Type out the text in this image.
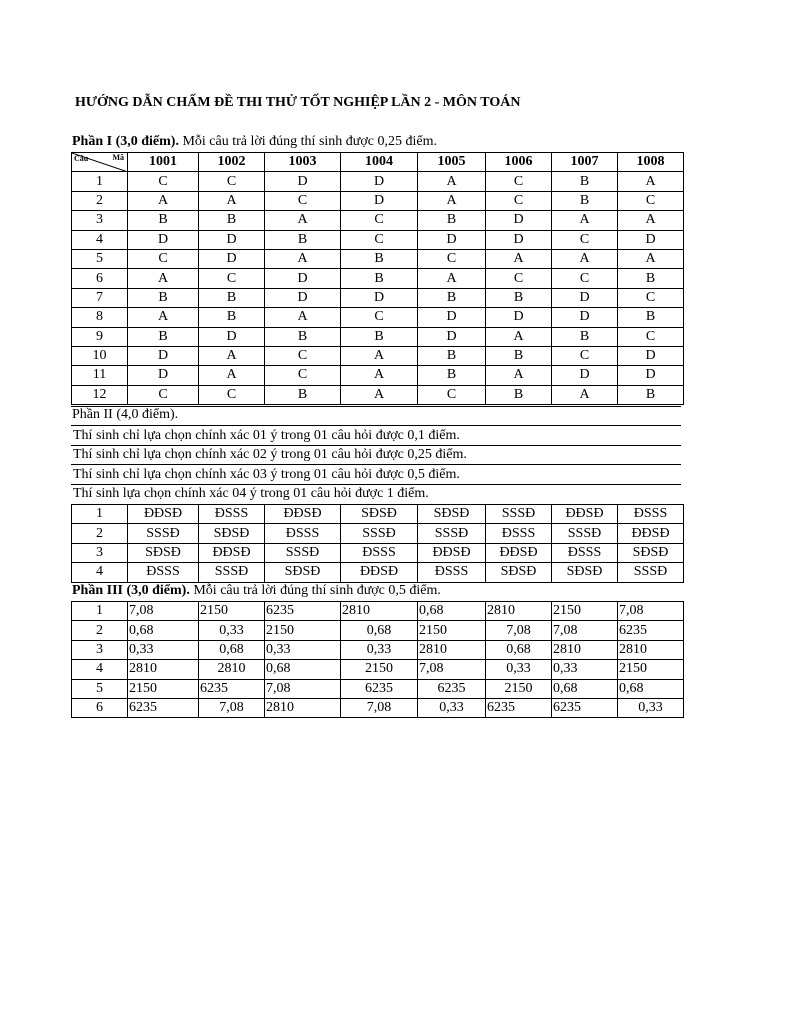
HƯỚNG DẪN CHẤM ĐỀ THI THỬ TỐT NGHIỆP LẦN 2 - MÔN TOÁN
Phần I (3,0 điểm). Mỗi câu trả lời đúng thí sinh được 0,25 điểm.
Câu Mã	1001	1002	1003	1004	1005	1006	1007	1008
1	C	C	D	D	A	C	B	A
2	A	A	C	D	A	C	B	C
3	B	B	A	C	B	D	A	A
4	D	D	B	C	D	D	C	D
5	C	D	A	B	C	A	A	A
6	A	C	D	B	A	C	C	B
7	B	B	D	D	B	B	D	C
8	A	B	A	C	D	D	D	B
9	B	D	B	B	D	A	B	C
10	D	A	C	A	B	B	C	D
11	D	A	C	A	B	A	D	D
12	C	C	B	A	C	B	A	B
Phần II (4,0 điểm).
Thí sinh chỉ lựa chọn chính xác 01 ý trong 01 câu hỏi được 0,1 điểm.
Thí sinh chỉ lựa chọn chính xác 02 ý trong 01 câu hỏi được 0,25 điểm.
Thí sinh chỉ lựa chọn chính xác 03 ý trong 01 câu hỏi được 0,5 điểm.
Thí sinh lựa chọn chính xác 04 ý trong 01 câu hỏi được 1 điểm.
1	ĐĐSĐ	ĐSSS	ĐĐSĐ	SĐSĐ	SĐSĐ	SSSĐ	ĐĐSĐ	ĐSSS
2	SSSĐ	SĐSĐ	ĐSSS	SSSĐ	SSSĐ	ĐSSS	SSSĐ	ĐĐSĐ
3	SĐSĐ	ĐĐSĐ	SSSĐ	ĐSSS	ĐĐSĐ	ĐĐSĐ	ĐSSS	SĐSĐ
4	ĐSSS	SSSĐ	SĐSĐ	ĐĐSĐ	ĐSSS	SĐSĐ	SĐSĐ	SSSĐ
Phần III (3,0 điểm). Mỗi câu trả lời đúng thí sinh được 0,5 điểm.
1	7,08	2150	6235	2810	0,68	2810	2150	7,08
2	0,68	0,33	2150	0,68	2150	7,08	7,08	6235
3	0,33	0,68	0,33	0,33	2810	0,68	2810	2810
4	2810	2810	0,68	2150	7,08	0,33	0,33	2150
5	2150	6235	7,08	6235	6235	2150	0,68	0,68
6	6235	7,08	2810	7,08	0,33	6235	6235	0,33
